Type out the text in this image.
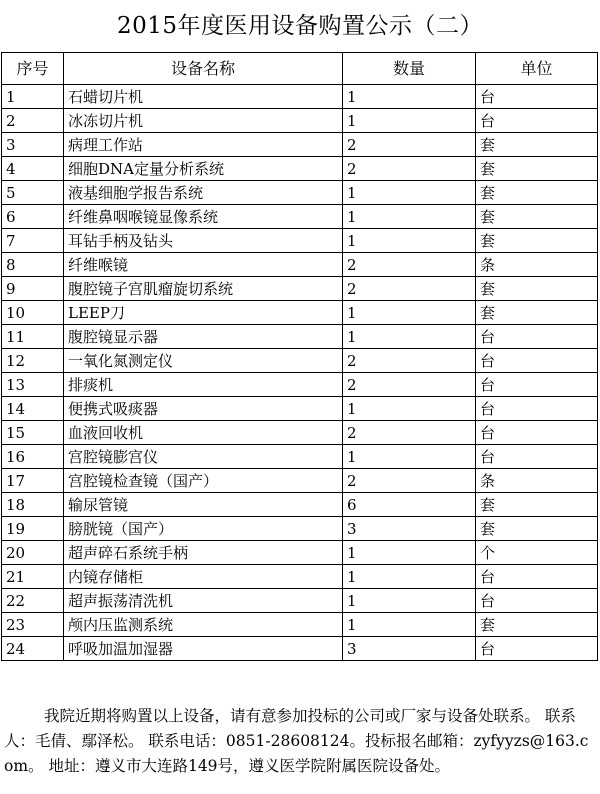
2015年度医用设备购置公示（二）
序号	设备名称	数量	单位
1	石蜡切片机	1	台
2	冰冻切片机	1	台
3	病理工作站	2	套
4	细胞DNA定量分析系统	2	套
5	液基细胞学报告系统	1	套
6	纤维鼻咽喉镜显像系统	1	套
7	耳钻手柄及钻头	1	套
8	纤维喉镜	2	条
9	腹腔镜子宫肌瘤旋切系统	2	套
10	LEEP刀	1	套
11	腹腔镜显示器	1	台
12	一氧化氮测定仪	2	台
13	排痰机	2	台
14	便携式吸痰器	1	台
15	血液回收机	2	台
16	宫腔镜膨宫仪	1	台
17	宫腔镜检查镜（国产）	2	条
18	输尿管镜	6	套
19	膀胱镜（国产）	3	套
20	超声碎石系统手柄	1	个
21	内镜存储柜	1	台
22	超声振荡清洗机	1	台
23	颅内压监测系统	1	套
24	呼吸加温加湿器	3	台

我院近期将购置以上设备，请有意参加投标的公司或厂家与设备处联系。 联系人：毛倩、鄢泽松。 联系电话：0851-28608124。投标报名邮箱：zyfyyzs@163.com。 地址：遵义市大连路149号，遵义医学院附属医院设备处。
